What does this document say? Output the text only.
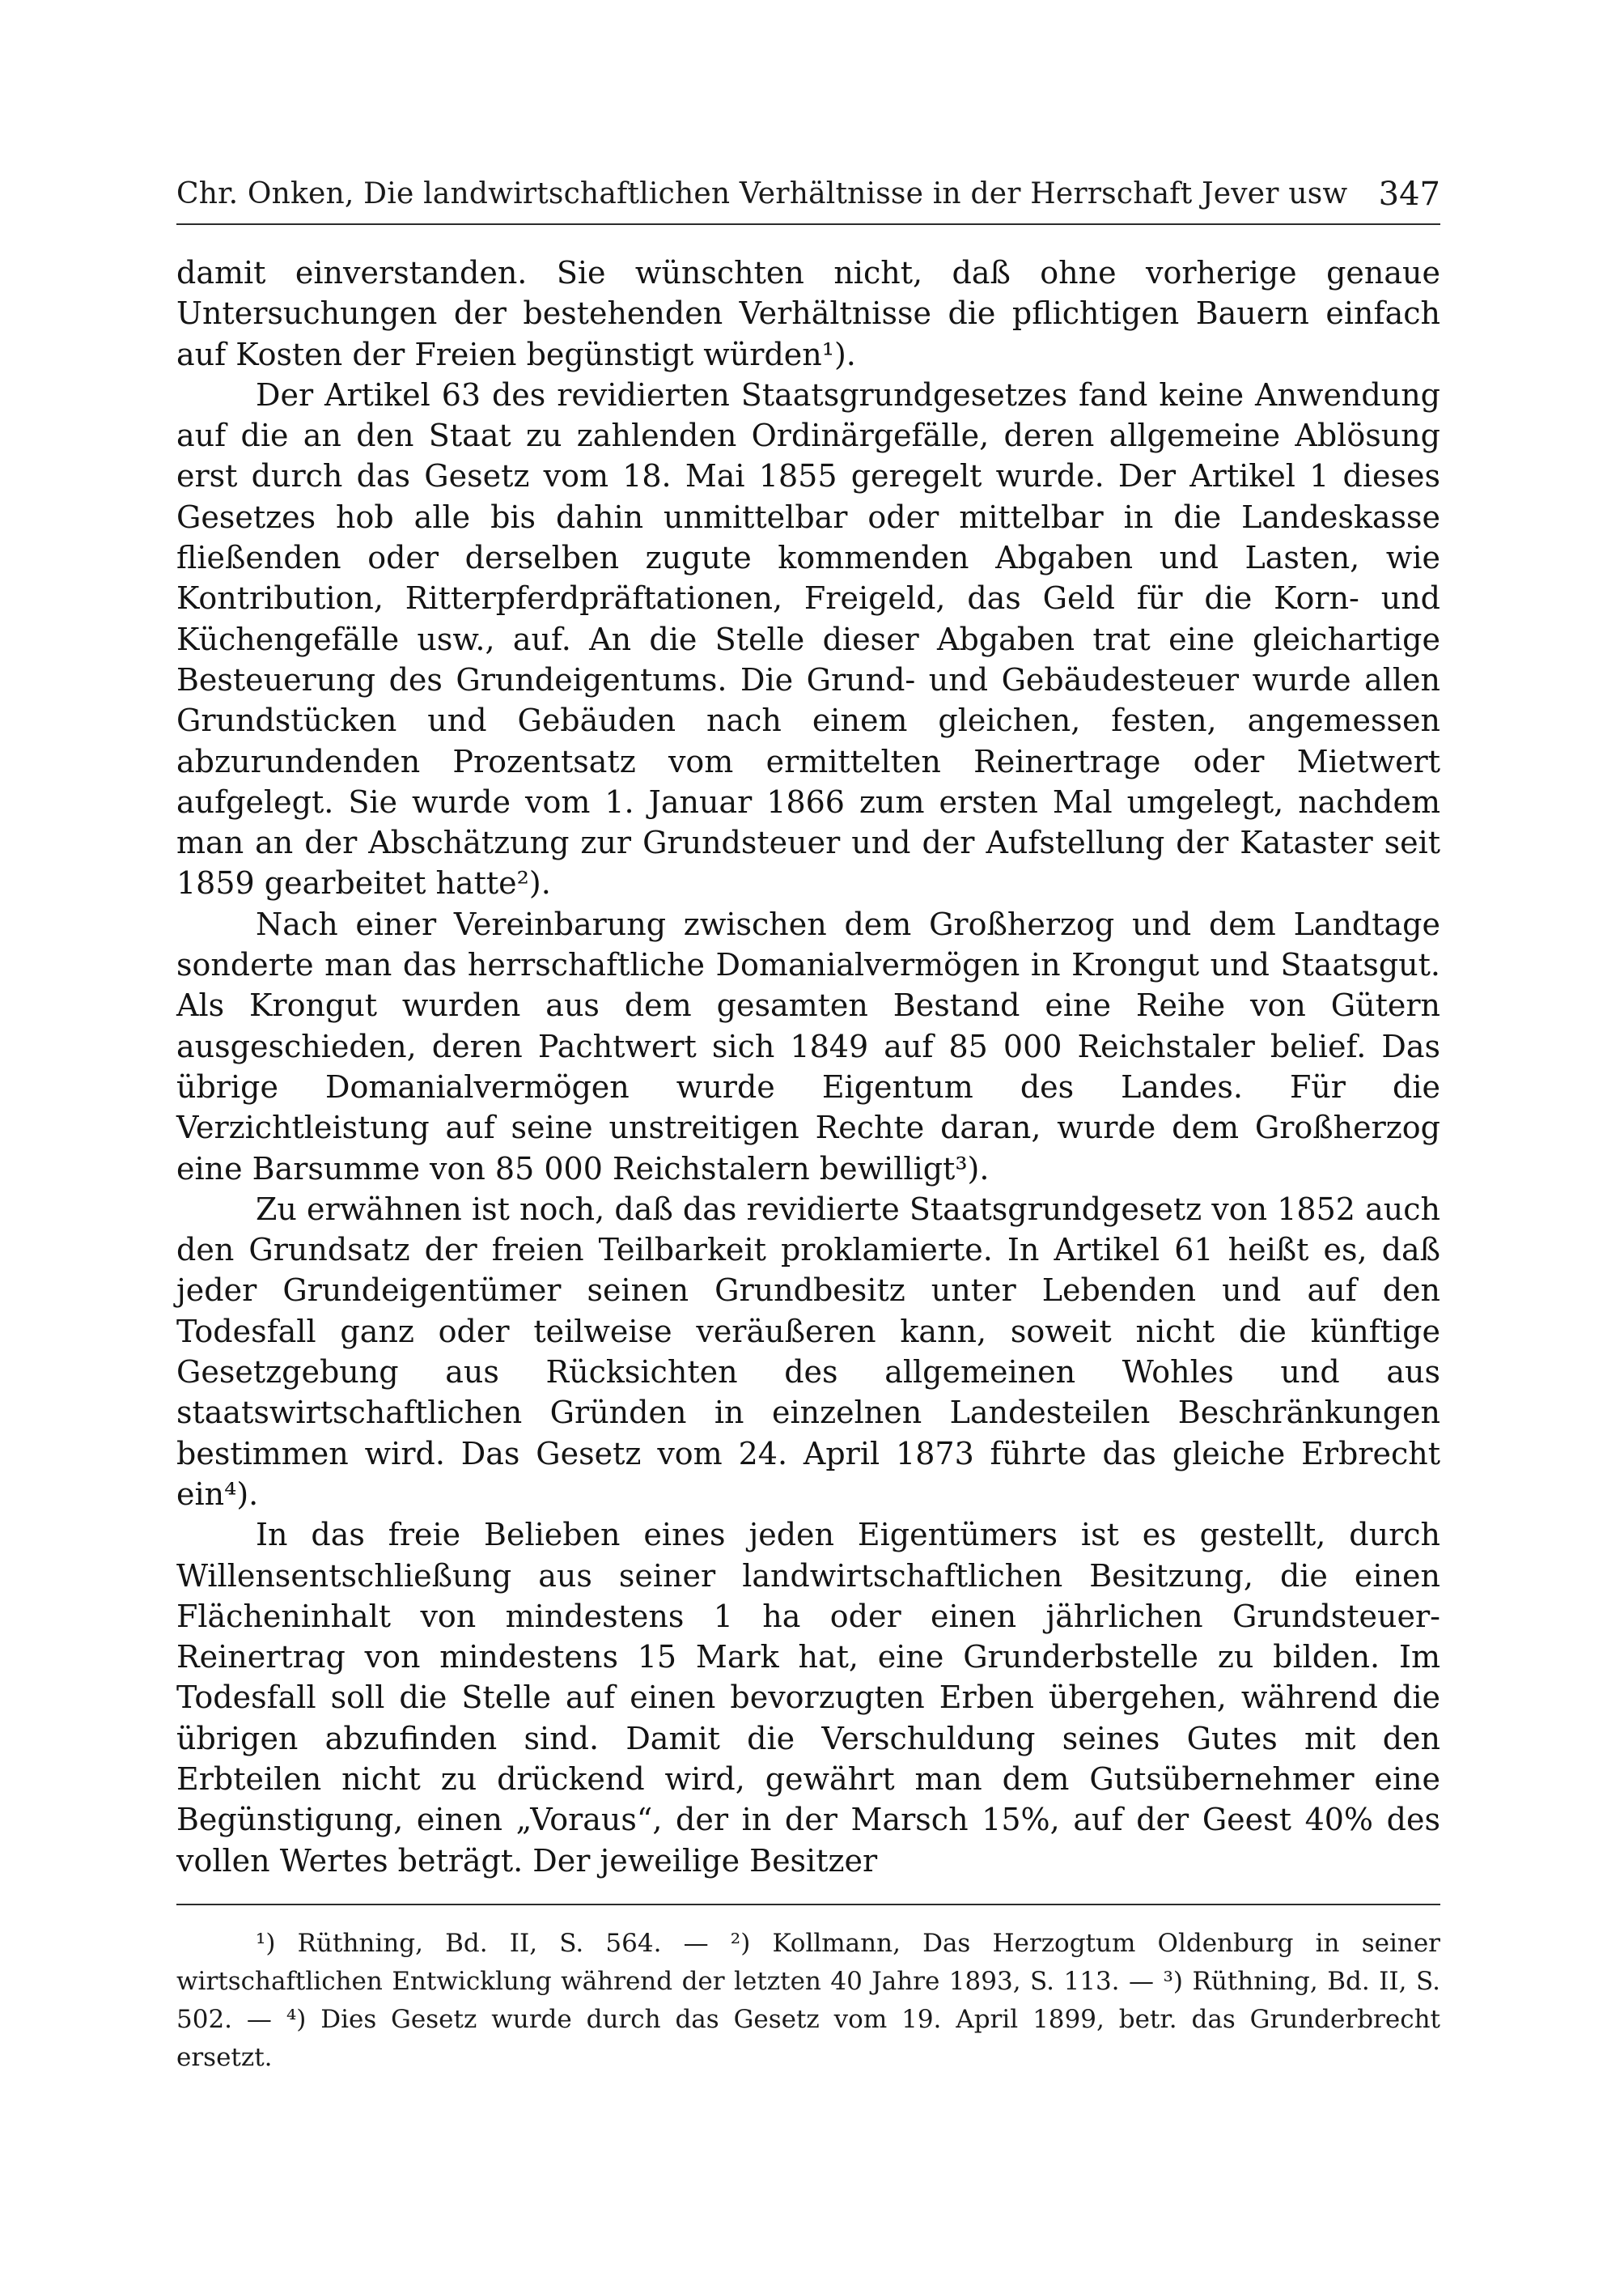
Chr. Onken, Die landwirtschaftlichen Verhältnisse in der Herrschaft Jever usw 347

damit einverstanden. Sie wünschten nicht, daß ohne vorherige genaue Untersuchungen der bestehenden Verhältnisse die pflichtigen Bauern einfach auf Kosten der Freien begünstigt würden¹).

Der Artikel 63 des revidierten Staatsgrundgesetzes fand keine Anwendung auf die an den Staat zu zahlenden Ordinärgefälle, deren allgemeine Ablösung erst durch das Gesetz vom 18. Mai 1855 geregelt wurde. Der Artikel 1 dieses Gesetzes hob alle bis dahin unmittelbar oder mittelbar in die Landeskasse fließenden oder derselben zugute kommenden Abgaben und Lasten, wie Kontribution, Ritterpferdpräftationen, Freigeld, das Geld für die Korn- und Küchengefälle usw., auf. An die Stelle dieser Abgaben trat eine gleichartige Besteuerung des Grundeigentums. Die Grund- und Gebäudesteuer wurde allen Grundstücken und Gebäuden nach einem gleichen, festen, angemessen abzurundenden Prozentsatz vom ermittelten Reinertrage oder Mietwert aufgelegt. Sie wurde vom 1. Januar 1866 zum ersten Mal umgelegt, nachdem man an der Abschätzung zur Grundsteuer und der Aufstellung der Kataster seit 1859 gearbeitet hatte²).

Nach einer Vereinbarung zwischen dem Großherzog und dem Landtage sonderte man das herrschaftliche Domanialvermögen in Krongut und Staatsgut. Als Krongut wurden aus dem gesamten Bestand eine Reihe von Gütern ausgeschieden, deren Pachtwert sich 1849 auf 85 000 Reichstaler belief. Das übrige Domanialvermögen wurde Eigentum des Landes. Für die Verzichtleistung auf seine unstreitigen Rechte daran, wurde dem Großherzog eine Barsumme von 85 000 Reichstalern bewilligt³).

Zu erwähnen ist noch, daß das revidierte Staatsgrundgesetz von 1852 auch den Grundsatz der freien Teilbarkeit proklamierte. In Artikel 61 heißt es, daß jeder Grundeigentümer seinen Grundbesitz unter Lebenden und auf den Todesfall ganz oder teilweise veräußeren kann, soweit nicht die künftige Gesetzgebung aus Rücksichten des allgemeinen Wohles und aus staatswirtschaftlichen Gründen in einzelnen Landesteilen Beschränkungen bestimmen wird. Das Gesetz vom 24. April 1873 führte das gleiche Erbrecht ein⁴).

In das freie Belieben eines jeden Eigentümers ist es gestellt, durch Willensentschließung aus seiner landwirtschaftlichen Besitzung, die einen Flächeninhalt von mindestens 1 ha oder einen jährlichen Grundsteuer-Reinertrag von mindestens 15 Mark hat, eine Grunderbstelle zu bilden. Im Todesfall soll die Stelle auf einen bevorzugten Erben übergehen, während die übrigen abzufinden sind. Damit die Verschuldung seines Gutes mit den Erbteilen nicht zu drückend wird, gewährt man dem Gutsübernehmer eine Begünstigung, einen „Voraus“, der in der Marsch 15%, auf der Geest 40% des vollen Wertes beträgt. Der jeweilige Besitzer

¹) Rüthning, Bd. II, S. 564. — ²) Kollmann, Das Herzogtum Oldenburg in seiner wirtschaftlichen Entwicklung während der letzten 40 Jahre 1893, S. 113. — ³) Rüthning, Bd. II, S. 502. — ⁴) Dies Gesetz wurde durch das Gesetz vom 19. April 1899, betr. das Grunderbrecht ersetzt.
